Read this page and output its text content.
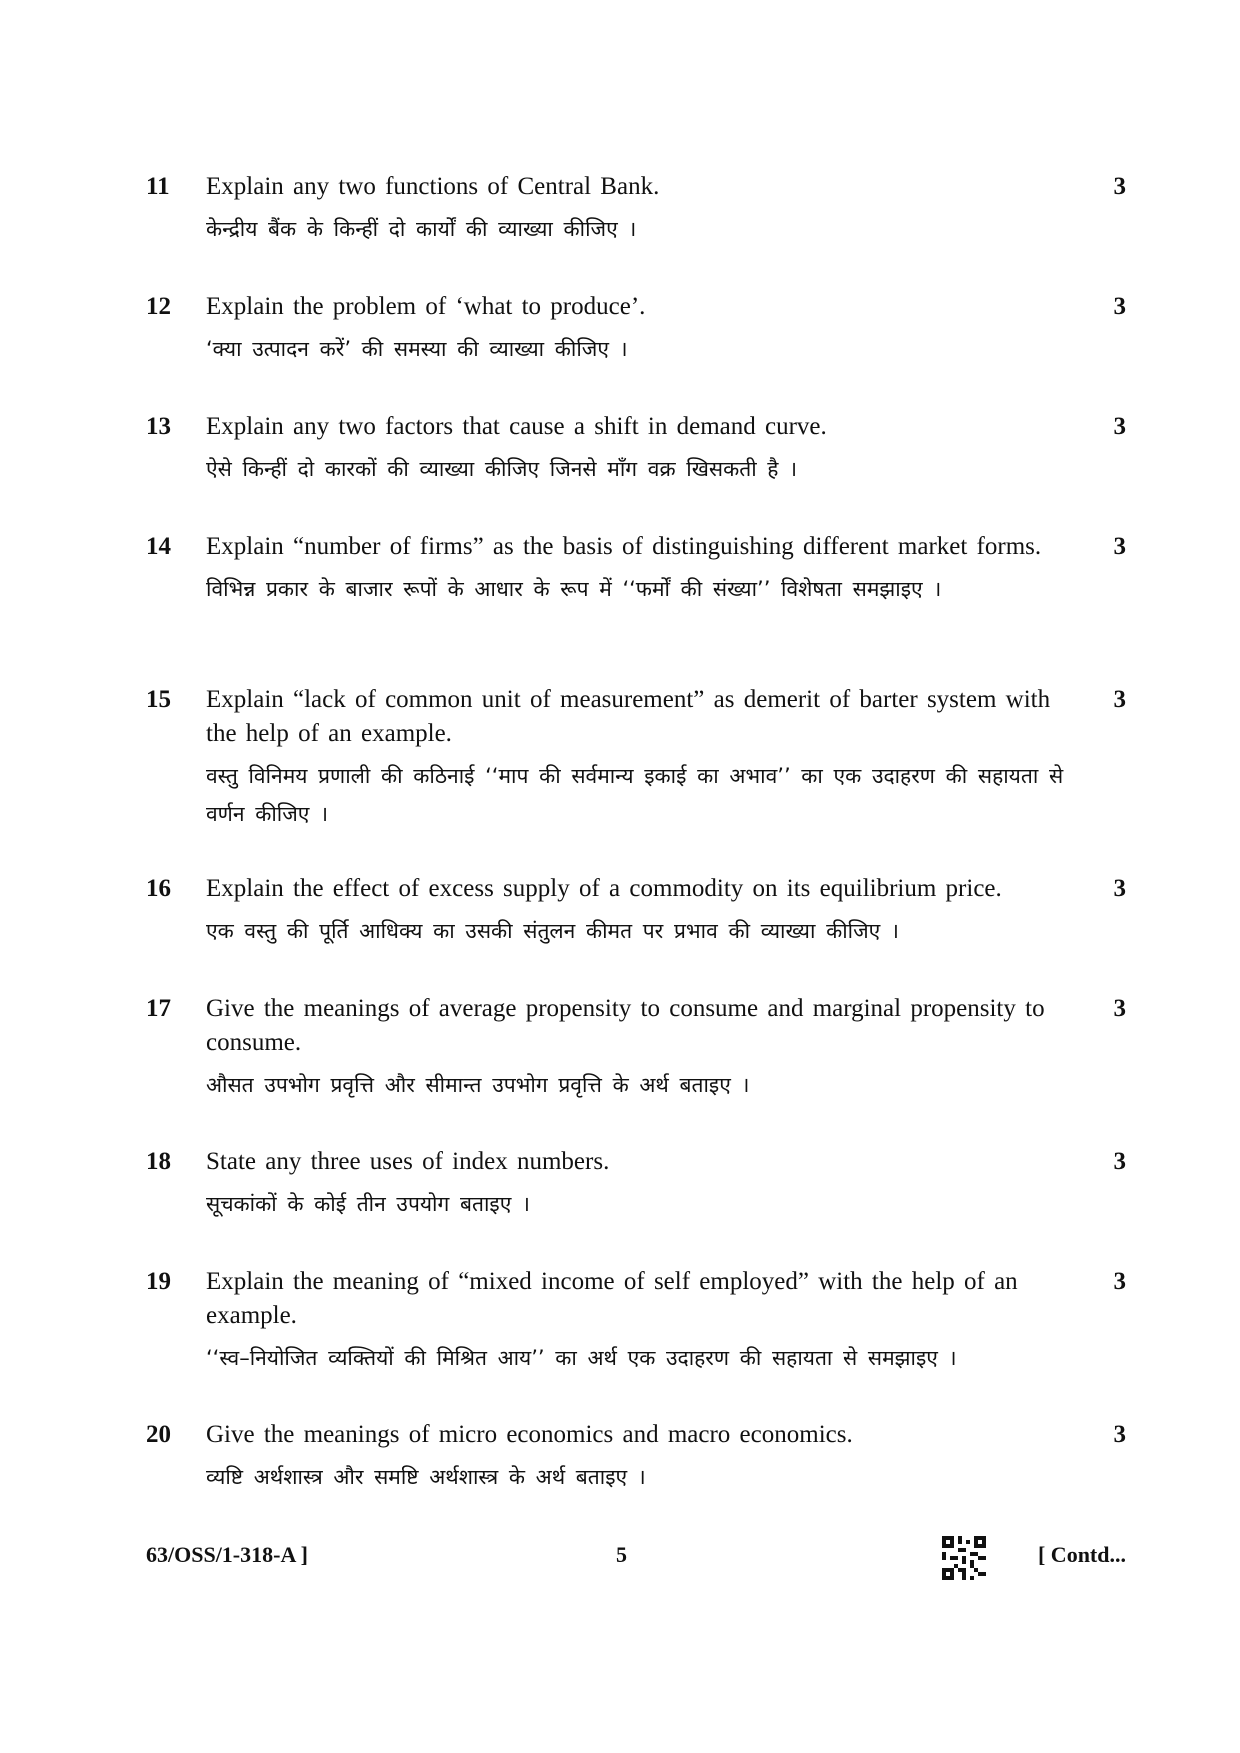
11	3
Explain any two functions of Central Bank.
केन्द्रीय बैंक के किन्हीं दो कार्यों की व्याख्या कीजिए ।
12	3
Explain the problem of ‘what to produce’.
‘क्या उत्पादन करें’ की समस्या की व्याख्या कीजिए ।
13	3
Explain any two factors that cause a shift in demand curve.
ऐसे किन्हीं दो कारकों की व्याख्या कीजिए जिनसे माँग वक्र खिसकती है ।
14	3
Explain “number of firms” as the basis of distinguishing different market forms.
विभिन्न प्रकार के बाजार रूपों के आधार के रूप में ‘‘फर्मों की संख्या’’ विशेषता समझाइए ।
15	3
Explain “lack of common unit of measurement” as demerit of barter system with the help of an example.
वस्तु विनिमय प्रणाली की कठिनाई ‘‘माप की सर्वमान्य इकाई का अभाव’’ का एक उदाहरण की सहायता से वर्णन कीजिए ।
16	3
Explain the effect of excess supply of a commodity on its equilibrium price.
एक वस्तु की पूर्ति आधिक्य का उसकी संतुलन कीमत पर प्रभाव की व्याख्या कीजिए ।
17	3
Give the meanings of average propensity to consume and marginal propensity to consume.
औसत उपभोग प्रवृत्ति और सीमान्त उपभोग प्रवृत्ति के अर्थ बताइए ।
18	3
State any three uses of index numbers.
सूचकांकों के कोई तीन उपयोग बताइए ।
19	3
Explain the meaning of “mixed income of self employed” with the help of an example.
‘‘स्व–नियोजित व्यक्तियों की मिश्रित आय’’ का अर्थ एक उदाहरण की सहायता से समझाइए ।
20	3
Give the meanings of micro economics and macro economics.
व्यष्टि अर्थशास्त्र और समष्टि अर्थशास्त्र के अर्थ बताइए ।
63/OSS/1-318-A ]	5	[ Contd...
